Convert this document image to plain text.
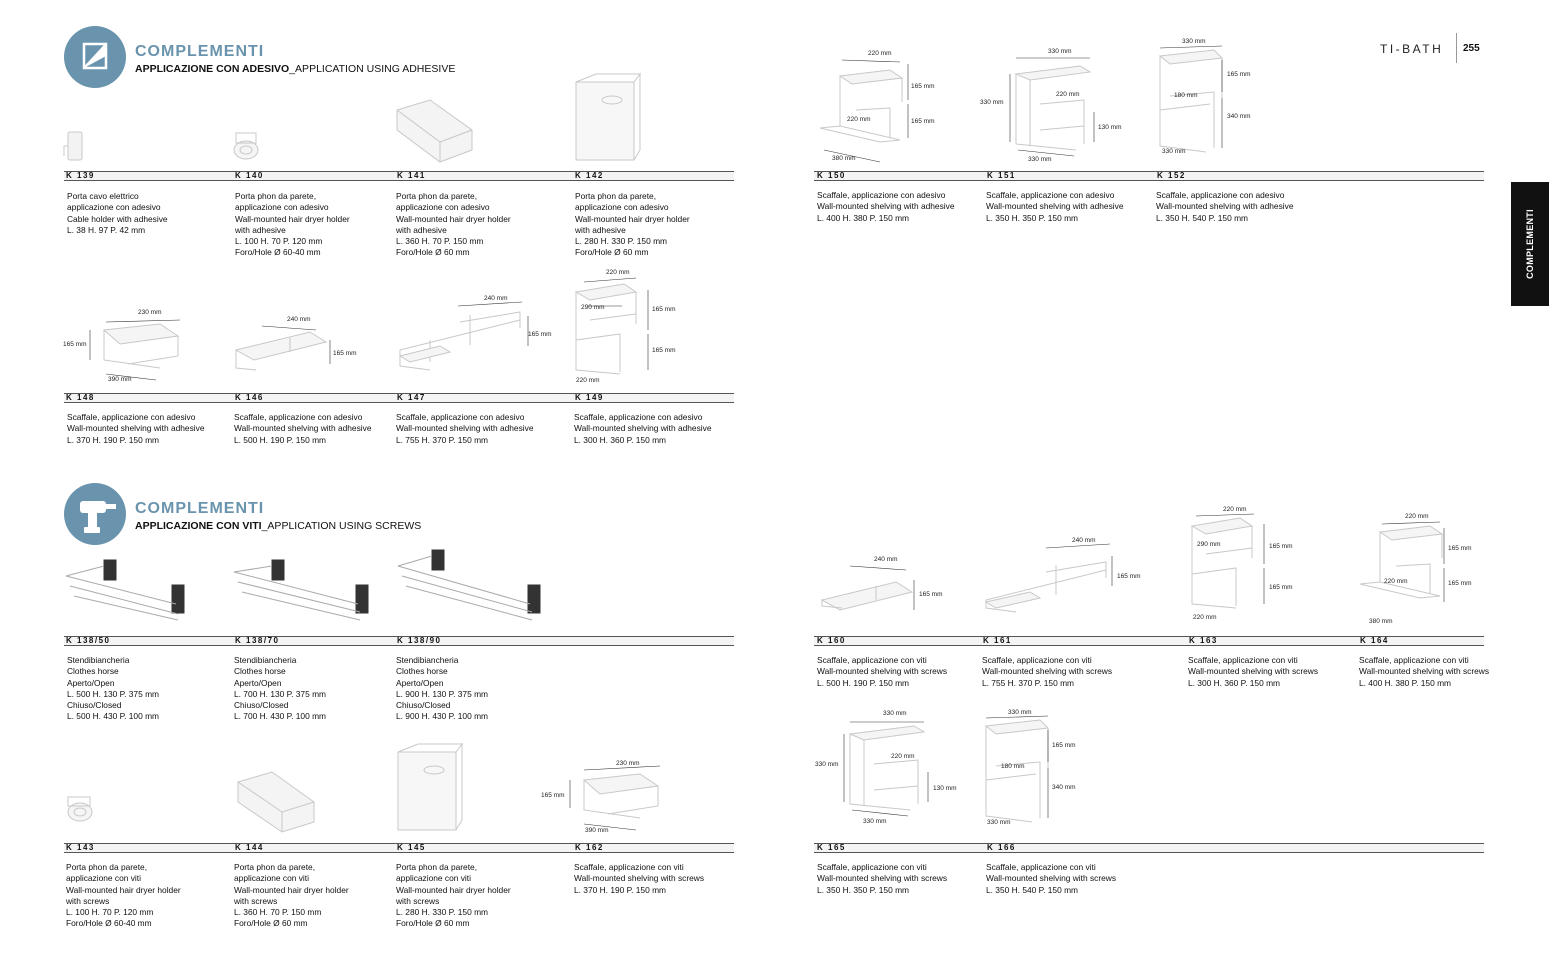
TI-BATH 255
COMPLEMENTI
COMPLEMENTI
APPLICAZIONE CON ADESIVO_APPLICATION USING ADHESIVE
COMPLEMENTI
APPLICAZIONE CON VITI_APPLICATION USING SCREWS
K 139
Porta cavo elettrico
applicazione con adesivo
Cable holder with adhesive
L. 38 H. 97 P. 42 mm
K 140
Porta phon da parete,
applicazione con adesivo
Wall-mounted hair dryer holder
with adhesive
L. 100 H. 70 P. 120 mm
Foro/Hole Ø 60-40 mm
K 141
Porta phon da parete,
applicazione con adesivo
Wall-mounted hair dryer holder
with adhesive
L. 360 H. 70 P. 150 mm
Foro/Hole Ø 60 mm
K 142
Porta phon da parete,
applicazione con adesivo
Wall-mounted hair dryer holder
with adhesive
L. 280 H. 330 P. 150 mm
Foro/Hole Ø 60 mm
K 148
Scaffale, applicazione con adesivo
Wall-mounted shelving with adhesive
L. 370 H. 190 P. 150 mm
K 146
Scaffale, applicazione con adesivo
Wall-mounted shelving with adhesive
L. 500 H. 190 P. 150 mm
K 147
Scaffale, applicazione con adesivo
Wall-mounted shelving with adhesive
L. 755 H. 370 P. 150 mm
K 149
Scaffale, applicazione con adesivo
Wall-mounted shelving with adhesive
L. 300 H. 360 P. 150 mm
K 150
Scaffale, applicazione con adesivo
Wall-mounted shelving with adhesive
L. 400 H. 380 P. 150 mm
K 151
Scaffale, applicazione con adesivo
Wall-mounted shelving with adhesive
L. 350 H. 350 P. 150 mm
K 152
Scaffale, applicazione con adesivo
Wall-mounted shelving with adhesive
L. 350 H. 540 P. 150 mm
K 138/50
Stendibiancheria
Clothes horse
Aperto/Open
L. 500 H. 130 P. 375 mm
Chiuso/Closed
L. 500 H. 430 P. 100 mm
K 138/70
Stendibiancheria
Clothes horse
Aperto/Open
L. 700 H. 130 P. 375 mm
Chiuso/Closed
L. 700 H. 430 P. 100 mm
K 138/90
Stendibiancheria
Clothes horse
Aperto/Open
L. 900 H. 130 P. 375 mm
Chiuso/Closed
L. 900 H. 430 P. 100 mm
K 160
Scaffale, applicazione con viti
Wall-mounted shelving with screws
L. 500 H. 190 P. 150 mm
K 161
Scaffale, applicazione con viti
Wall-mounted shelving with screws
L. 755 H. 370 P. 150 mm
K 163
Scaffale, applicazione con viti
Wall-mounted shelving with screws
L. 300 H. 360 P. 150 mm
K 164
Scaffale, applicazione con viti
Wall-mounted shelving with screws
L. 400 H. 380 P. 150 mm
K 143
Porta phon da parete,
applicazione con viti
Wall-mounted hair dryer holder
with screws
L. 100 H. 70 P. 120 mm
Foro/Hole Ø 60-40 mm
K 144
Porta phon da parete,
applicazione con viti
Wall-mounted hair dryer holder
with screws
L. 360 H. 70 P. 150 mm
Foro/Hole Ø 60 mm
K 145
Porta phon da parete,
applicazione con viti
Wall-mounted hair dryer holder
with screws
L. 280 H. 330 P. 150 mm
Foro/Hole Ø 60 mm
K 162
Scaffale, applicazione con viti
Wall-mounted shelving with screws
L. 370 H. 190 P. 150 mm
K 165
Scaffale, applicazione con viti
Wall-mounted shelving with screws
L. 350 H. 350 P. 150 mm
K 166
Scaffale, applicazione con viti
Wall-mounted shelving with screws
L. 350 H. 540 P. 150 mm
230 mm
165 mm
390 mm
240 mm
165 mm
240 mm
165 mm
220 mm
290 mm	165 mm
165 mm
220 mm
220 mm
165 mm
220 mm	165 mm
380 mm
330 mm
330 mm
220 mm
130 mm
330 mm
330 mm
165 mm
180 mm
340 mm
330 mm
240 mm
165 mm
240 mm
165 mm
220 mm
290 mm	165 mm
165 mm
220 mm
220 mm
165 mm
220 mm	165 mm
380 mm
230 mm
165 mm
390 mm
330 mm
330 mm
220 mm
130 mm
330 mm
330 mm
165 mm
180 mm
340 mm
330 mm
